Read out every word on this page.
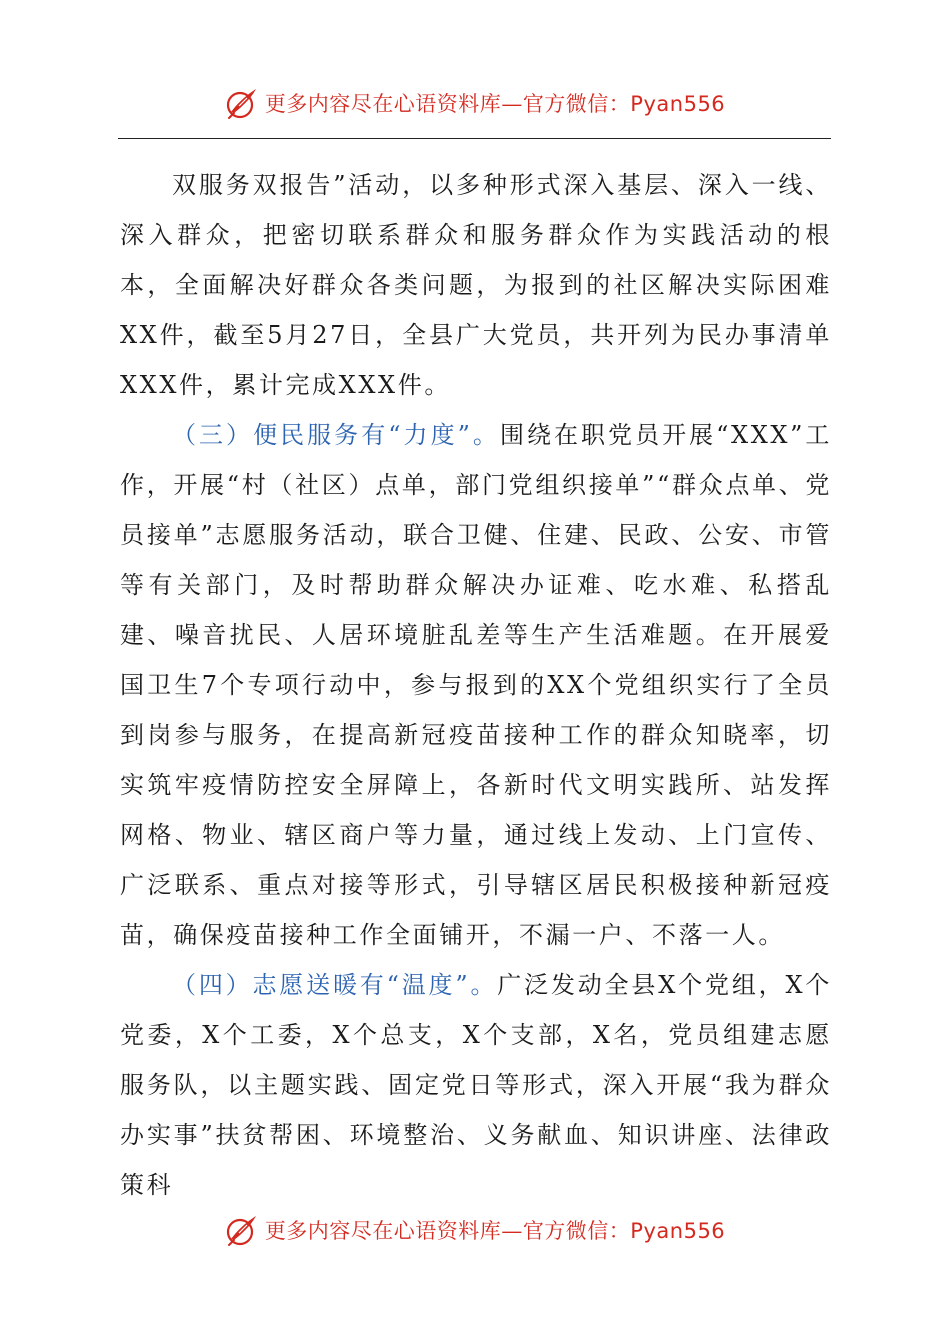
更多内容尽在心语资料库—官方微信：Pyan556

双服务双报告”活动，以多种形式深入基层、深入一线、深入群众，把密切联系群众和服务群众作为实践活动的根本，全面解决好群众各类问题，为报到的社区解决实际困难XX件，截至5月27日，全县广大党员，共开列为民办事清单XXX件，累计完成XXX件。

（三）便民服务有“力度”。围绕在职党员开展“XXX”工作，开展“村（社区）点单，部门党组织接单”“群众点单、党员接单”志愿服务活动，联合卫健、住建、民政、公安、市管等有关部门，及时帮助群众解决办证难、吃水难、私搭乱建、噪音扰民、人居环境脏乱差等生产生活难题。在开展爱国卫生7个专项行动中，参与报到的XX个党组织实行了全员到岗参与服务，在提高新冠疫苗接种工作的群众知晓率，切实筑牢疫情防控安全屏障上，各新时代文明实践所、站发挥网格、物业、辖区商户等力量，通过线上发动、上门宣传、广泛联系、重点对接等形式，引导辖区居民积极接种新冠疫苗，确保疫苗接种工作全面铺开，不漏一户、不落一人。

（四）志愿送暖有“温度”。广泛发动全县X个党组，X个党委，X个工委，X个总支，X个支部，X名，党员组建志愿服务队，以主题实践、固定党日等形式，深入开展“我为群众办实事”扶贫帮困、环境整治、义务献血、知识讲座、法律政策科

更多内容尽在心语资料库—官方微信：Pyan556
